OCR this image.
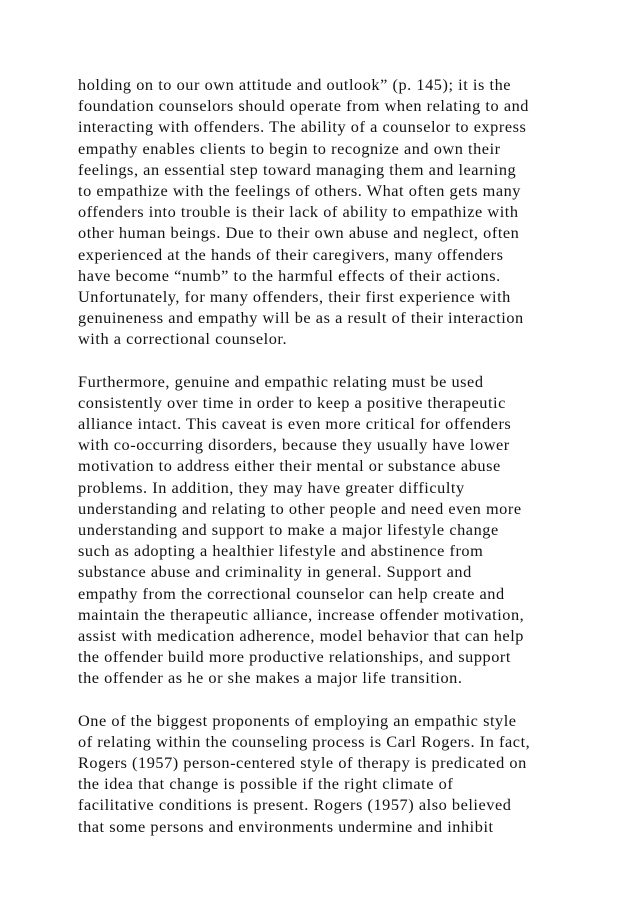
holding on to our own attitude and outlook” (p. 145); it is the
foundation counselors should operate from when relating to and
interacting with offenders. The ability of a counselor to express
empathy enables clients to begin to recognize and own their
feelings, an essential step toward managing them and learning
to empathize with the feelings of others. What often gets many
offenders into trouble is their lack of ability to empathize with
other human beings. Due to their own abuse and neglect, often
experienced at the hands of their caregivers, many offenders
have become “numb” to the harmful effects of their actions.
Unfortunately, for many offenders, their first experience with
genuineness and empathy will be as a result of their interaction
with a correctional counselor.
Furthermore, genuine and empathic relating must be used
consistently over time in order to keep a positive therapeutic
alliance intact. This caveat is even more critical for offenders
with co-occurring disorders, because they usually have lower
motivation to address either their mental or substance abuse
problems. In addition, they may have greater difficulty
understanding and relating to other people and need even more
understanding and support to make a major lifestyle change
such as adopting a healthier lifestyle and abstinence from
substance abuse and criminality in general. Support and
empathy from the correctional counselor can help create and
maintain the therapeutic alliance, increase offender motivation,
assist with medication adherence, model behavior that can help
the offender build more productive relationships, and support
the offender as he or she makes a major life transition.
One of the biggest proponents of employing an empathic style
of relating within the counseling process is Carl Rogers. In fact,
Rogers (1957) person-centered style of therapy is predicated on
the idea that change is possible if the right climate of
facilitative conditions is present. Rogers (1957) also believed
that some persons and environments undermine and inhibit
